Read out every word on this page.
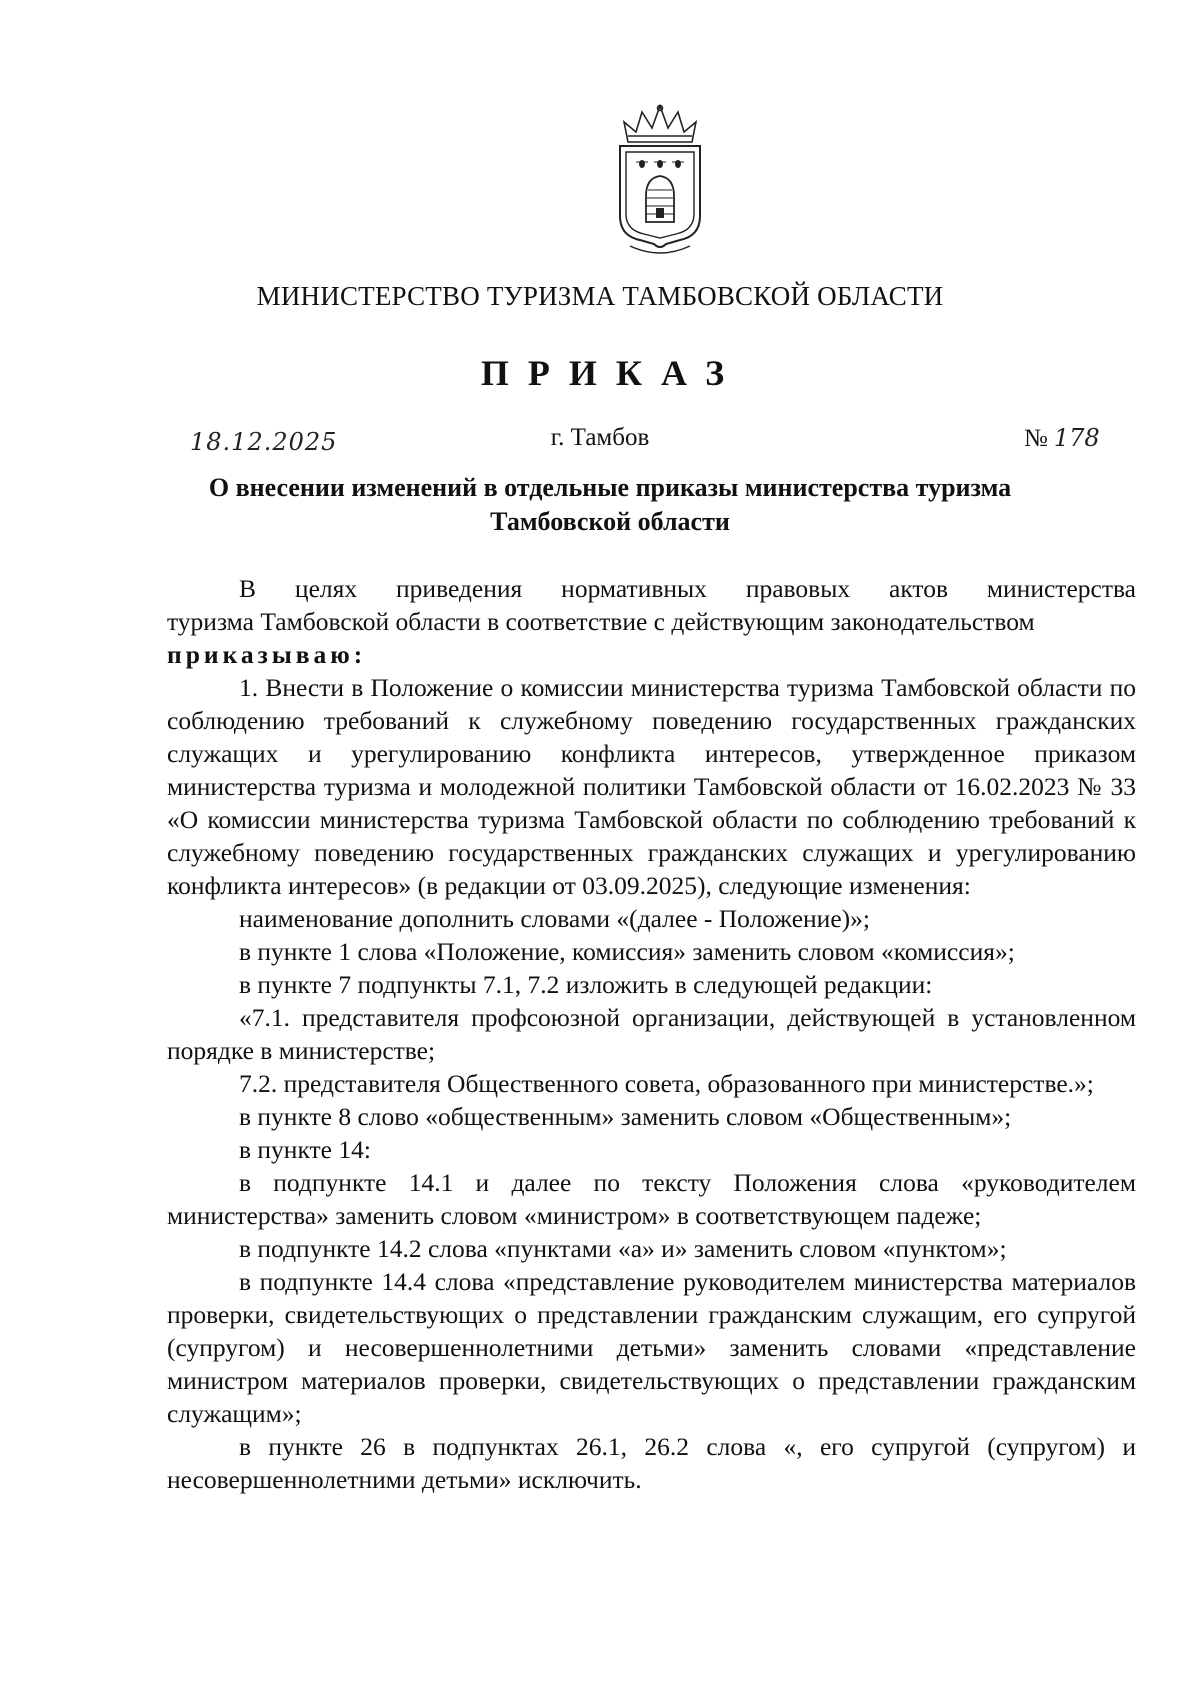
МИНИСТЕРСТВО ТУРИЗМА ТАМБОВСКОЙ ОБЛАСТИ
ПРИКАЗ
18.12.2025	г. Тамбов	№ 178
О внесении изменений в отдельные приказы министерства туризма
Тамбовской области

В целях приведения нормативных правовых актов министерства

туризма Тамбовской области в соответствие с действующим законодательством

приказываю:

1. Внести в Положение о комиссии министерства туризма Тамбовской области по соблюдению требований к служебному поведению государственных гражданских служащих и урегулированию конфликта интересов, утвержденное приказом министерства туризма и молодежной политики Тамбовской области от 16.02.2023 № 33 «О комиссии министерства туризма Тамбовской области по соблюдению требований к служебному поведению государственных гражданских служащих и урегулированию конфликта интересов» (в редакции от 03.09.2025), следующие изменения:

наименование дополнить словами «(далее - Положение)»;

в пункте 1 слова «Положение, комиссия» заменить словом «комиссия»;

в пункте 7 подпункты 7.1, 7.2 изложить в следующей редакции:

«7.1. представителя профсоюзной организации, действующей в установленном порядке в министерстве;

7.2. представителя Общественного совета, образованного при министерстве.»;

в пункте 8 слово «общественным» заменить словом «Общественным»;

в пункте 14:

в подпункте 14.1 и далее по тексту Положения слова «руководителем министерства» заменить словом «министром» в соответствующем падеже;

в подпункте 14.2 слова «пунктами «а» и» заменить словом «пунктом»;

в подпункте 14.4 слова «представление руководителем министерства материалов проверки, свидетельствующих о представлении гражданским служащим, его супругой (супругом) и несовершеннолетними детьми» заменить словами «представление министром материалов проверки, свидетельствующих о представлении гражданским служащим»;

в пункте 26 в подпунктах 26.1, 26.2 слова «, его супругой (супругом) и несовершеннолетними детьми» исключить.
